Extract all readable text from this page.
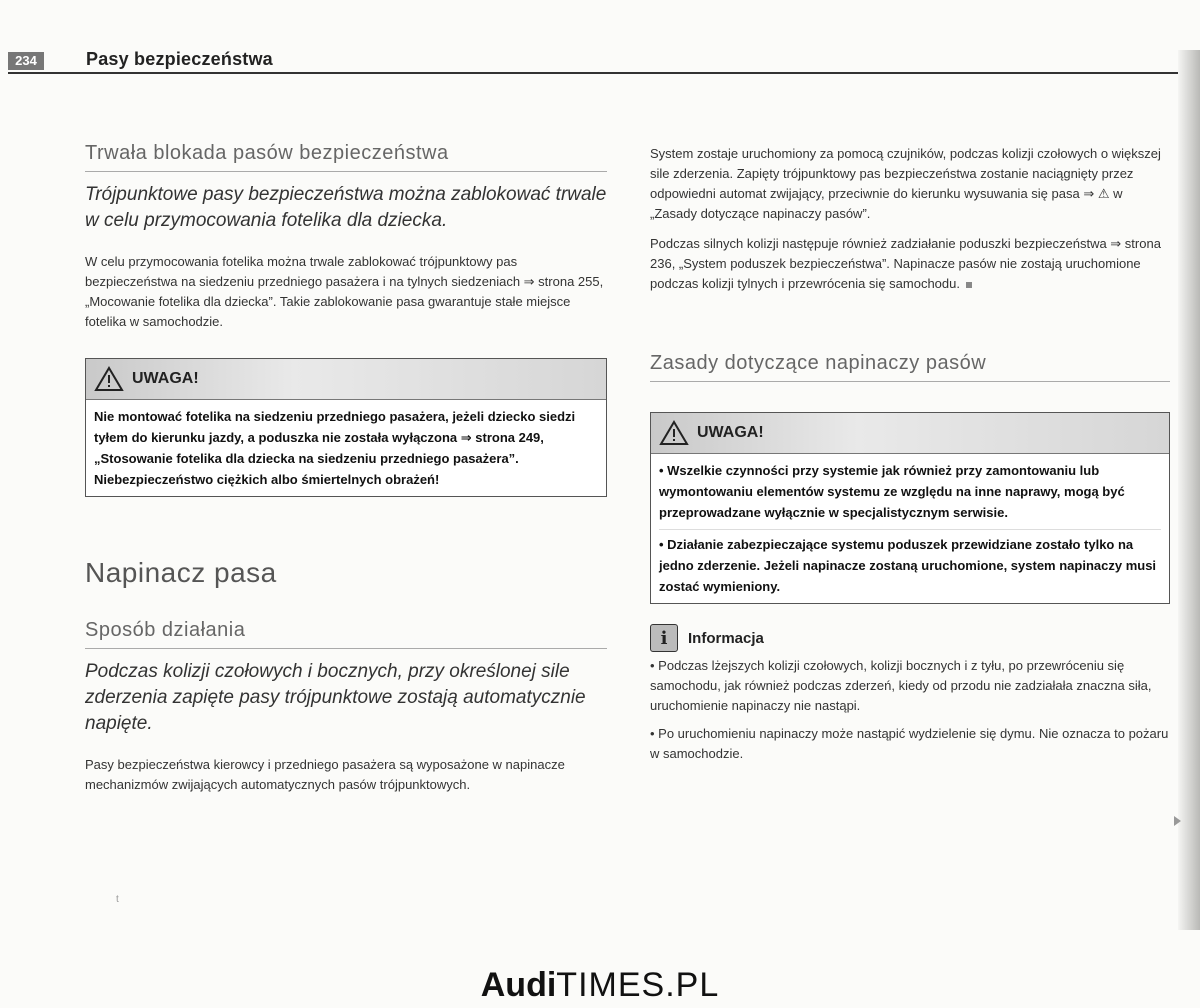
234	Pasy bezpieczeństwa
Trwała blokada pasów bezpieczeństwa

Trójpunktowe pasy bezpieczeństwa można zablokować trwale w celu przymocowania fotelika dla dziecka.

W celu przymocowania fotelika można trwale zablokować trójpunktowy pas bezpieczeństwa na siedzeniu przedniego pasażera i na tylnych siedzeniach ⇒ strona 255, „Mocowanie fotelika dla dziecka”. Takie zablokowanie pasa gwarantuje stałe miejsce fotelika w samochodzie.

UWAGA!

Nie montować fotelika na siedzeniu przedniego pasażera, jeżeli dziecko siedzi tyłem do kierunku jazdy, a poduszka nie została wyłączona ⇒ strona 249, „Stosowanie fotelika dla dziecka na siedzeniu przedniego pasażera”. Niebezpieczeństwo ciężkich albo śmiertelnych obrażeń!

Napinacz pasa
Sposób działania

Podczas kolizji czołowych i bocznych, przy określonej sile zderzenia zapięte pasy trójpunktowe zostają automatycznie napięte.

Pasy bezpieczeństwa kierowcy i przedniego pasażera są wyposażone w napinacze mechanizmów zwijających automatycznych pasów trójpunktowych.

t

System zostaje uruchomiony za pomocą czujników, podczas kolizji czołowych o większej sile zderzenia. Zapięty trójpunktowy pas bezpieczeństwa zostanie naciągnięty przez odpowiedni automat zwijający, przeciwnie do kierunku wysuwania się pasa ⇒ ⚠ w „Zasady dotyczące napinaczy pasów”.

Podczas silnych kolizji następuje również zadziałanie poduszki bezpieczeństwa ⇒ strona 236, „System poduszek bezpieczeństwa”. Napinacze pasów nie zostają uruchomione podczas kolizji tylnych i przewrócenia się samochodu.

Zasady dotyczące napinaczy pasów
UWAGA!

• Wszelkie czynności przy systemie jak również przy zamontowaniu lub wymontowaniu elementów systemu ze względu na inne naprawy, mogą być przeprowadzane wyłącznie w specjalistycznym serwisie.

• Działanie zabezpieczające systemu poduszek przewidziane zostało tylko na jedno zderzenie. Jeżeli napinacze zostaną uruchomione, system napinaczy musi zostać wymieniony.

i	Informacja

• Podczas lżejszych kolizji czołowych, kolizji bocznych i z tyłu, po przewróceniu się samochodu, jak również podczas zderzeń, kiedy od przodu nie zadziałała znaczna siła, uruchomienie napinaczy nie nastąpi.

• Po uruchomieniu napinaczy może nastąpić wydzielenie się dymu. Nie oznacza to pożaru w samochodzie.

AudiTIMES.PL
